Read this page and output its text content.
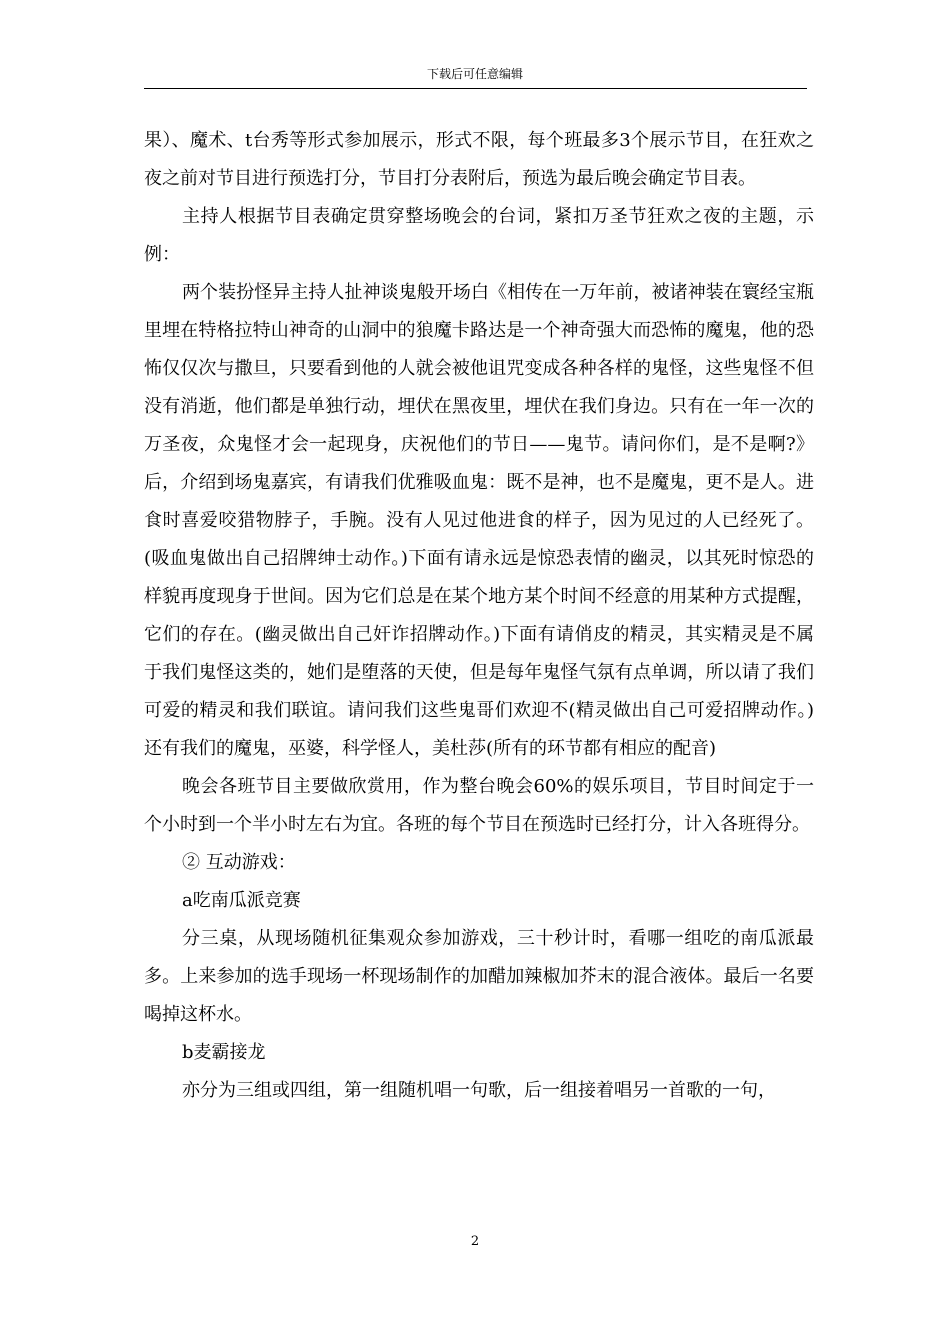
下载后可任意编辑

果）、魔术、t台秀等形式参加展示，形式不限，每个班最多3个展示节目，在狂欢之夜之前对节目进行预选打分，节目打分表附后，预选为最后晚会确定节目表。

主持人根据节目表确定贯穿整场晚会的台词，紧扣万圣节狂欢之夜的主题，示例：

两个装扮怪异主持人扯神谈鬼般开场白《相传在一万年前，被诸神装在寰经宝瓶里埋在特格拉特山神奇的山洞中的狼魔卡路达是一个神奇强大而恐怖的魔鬼，他的恐怖仅仅次与撒旦，只要看到他的人就会被他诅咒变成各种各样的鬼怪，这些鬼怪不但没有消逝，他们都是单独行动，埋伏在黑夜里，埋伏在我们身边。只有在一年一次的万圣夜，众鬼怪才会一起现身，庆祝他们的节日——鬼节。请问你们，是不是啊?》后，介绍到场鬼嘉宾，有请我们优雅吸血鬼：既不是神，也不是魔鬼，更不是人。进食时喜爱咬猎物脖子，手腕。没有人见过他进食的样子，因为见过的人已经死了。(吸血鬼做出自己招牌绅士动作。)下面有请永远是惊恐表情的幽灵，以其死时惊恐的样貌再度现身于世间。因为它们总是在某个地方某个时间不经意的用某种方式提醒，它们的存在。(幽灵做出自己奸诈招牌动作。)下面有请俏皮的精灵，其实精灵是不属于我们鬼怪这类的，她们是堕落的天使，但是每年鬼怪气氛有点单调，所以请了我们可爱的精灵和我们联谊。请问我们这些鬼哥们欢迎不(精灵做出自己可爱招牌动作。)还有我们的魔鬼，巫婆，科学怪人，美杜莎(所有的环节都有相应的配音)

晚会各班节目主要做欣赏用，作为整台晚会60%的娱乐项目，节目时间定于一个小时到一个半小时左右为宜。各班的每个节目在预选时已经打分，计入各班得分。

② 互动游戏：

a吃南瓜派竞赛

分三桌，从现场随机征集观众参加游戏，三十秒计时，看哪一组吃的南瓜派最多。上来参加的选手现场一杯现场制作的加醋加辣椒加芥末的混合液体。最后一名要喝掉这杯水。

b麦霸接龙

亦分为三组或四组，第一组随机唱一句歌，后一组接着唱另一首歌的一句，

2
